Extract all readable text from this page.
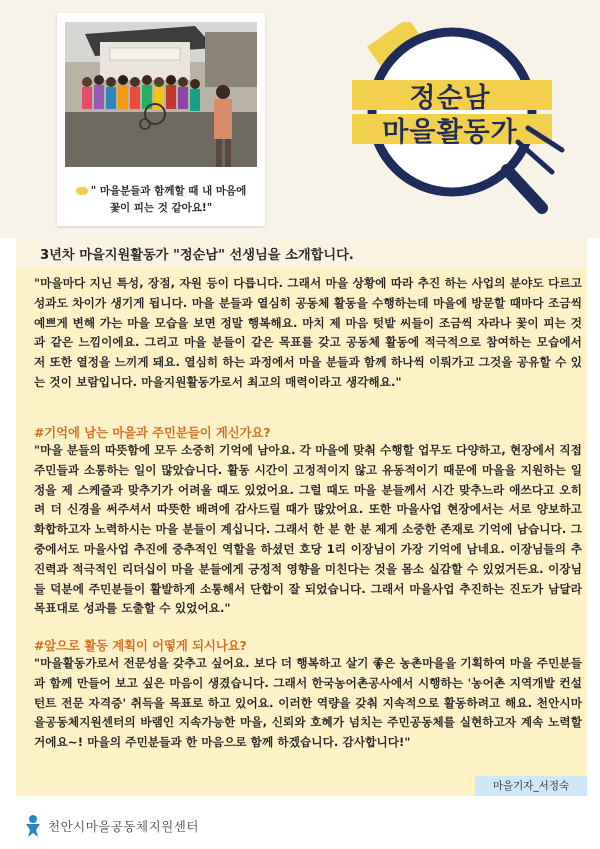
" 마을분들과 함께할 때 내 마음에
꽃이 피는 것 같아요!"
정순남
마을활동가
3년차 마을지원활동가 "정순남" 선생님을 소개합니다.
"마을마다 지닌 특성, 장점, 자원 등이 다릅니다. 그래서 마을 상황에 따라 추진 하는 사업의 분야도 다르고 성과도 차이가 생기게 됩니다. 마을 분들과 열심히 공동체 활동을 수행하는데 마을에 방문할 때마다 조금씩 예쁘게 변해 가는 마을 모습을 보면 정말 행복해요. 마치 제 마음 텃밭 씨들이 조금씩 자라나 꽃이 피는 것과 같은 느낌이에요. 그리고 마을 분들이 같은 목표를 갖고 공동체 활동에 적극적으로 참여하는 모습에서 저 또한 열정을 느끼게 돼요. 열심히 하는 과정에서 마을 분들과 함께 하나씩 이뤄가고 그것을 공유할 수 있는 것이 보람입니다. 마을지원활동가로서 최고의 매력이라고 생각해요."
#기억에 남는 마을과 주민분들이 게신가요?
"마을 분들의 따뜻함에 모두 소중히 기억에 남아요. 각 마을에 맞춰 수행할 업무도 다양하고, 현장에서 직접 주민들과 소통하는 일이 많았습니다. 활동 시간이 고정적이지 않고 유동적이기 때문에 마을을 지원하는 일정을 제 스케줄과 맞추기가 어려울 때도 있었어요. 그럴 때도 마을 분들께서 시간 맞추느라 애쓰다고 오히려 더 신경을 써주셔서 따뜻한 배려에 감사드릴 때가 많았어요. 또한 마을사업 현장에서는 서로 양보하고 화합하고자 노력하시는 마을 분들이 계십니다. 그래서 한 분 한 분 제게 소중한 존재로 기억에 남습니다. 그중에서도 마을사업 추진에 중추적인 역할을 하셨던 호당 1리 이장님이 가장 기억에 남네요. 이장님들의 추진력과 적극적인 리더십이 마을 분들에게 긍정적 영향을 미친다는 것을 몸소 실감할 수 있었거든요. 이장님들 덕분에 주민분들이 활발하게 소통해서 단합이 잘 되었습니다. 그래서 마을사업 추진하는 진도가 남달라 목표대로 성과를 도출할 수 있었어요."
#앞으로 활동 계획이 어떻게 되시나요?
"마을활동가로서 전문성을 갖추고 싶어요. 보다 더 행복하고 살기 좋은 농촌마을을 기획하여 마을 주민분들과 함께 만들어 보고 싶은 마음이 생겼습니다. 그래서 한국농어촌공사에서 시행하는 '농어촌 지역개발 컨설턴트 전문 자격증' 취득을 목표로 하고 있어요. 이러한 역량을 갖춰 지속적으로 활동하려고 해요. 천안시마을공동체지원센터의 바램인 지속가능한 마을, 신뢰와 호혜가 넘치는 주민공동체를 실현하고자 계속 노력할거에요~! 마을의 주민분들과 한 마음으로 함께 하겠습니다. 감사합니다!"
마을기자_서정숙
천안시마을공동체지원센터
